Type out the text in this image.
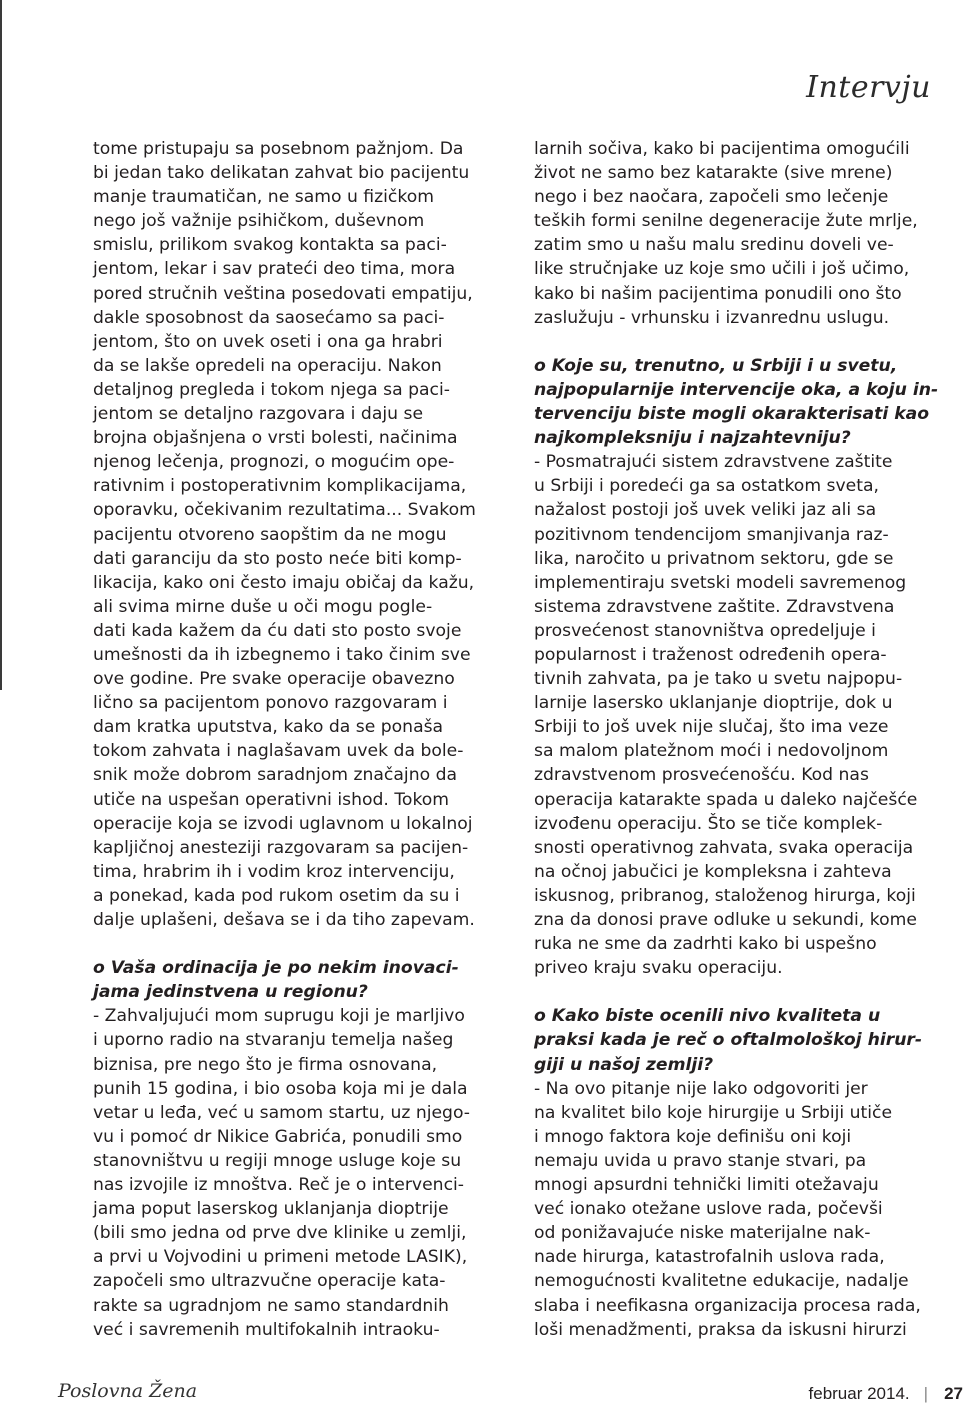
Intervju
tome pristupaju sa posebnom pažnjom. Da
bi jedan tako delikatan zahvat bio pacijentu
manje traumatičan, ne samo u fizičkom
nego još važnije psihičkom, duševnom
smislu, prilikom svakog kontakta sa paci-
jentom, lekar i sav prateći deo tima, mora
pored stručnih veština posedovati empatiju,
dakle sposobnost da saosećamo sa paci-
jentom, što on uvek oseti i ona ga hrabri
da se lakše opredeli na operaciju. Nakon
detaljnog pregleda i tokom njega sa paci-
jentom se detaljno razgovara i daju se
brojna objašnjena o vrsti bolesti, načinima
njenog lečenja, prognozi, o mogućim ope-
rativnim i postoperativnim komplikacijama,
oporavku, očekivanim rezultatima... Svakom
pacijentu otvoreno saopštim da ne mogu
dati garanciju da sto posto neće biti komp-
likacija, kako oni često imaju običaj da kažu,
ali svima mirne duše u oči mogu pogle-
dati kada kažem da ću dati sto posto svoje
umešnosti da ih izbegnemo i tako činim sve
ove godine. Pre svake operacije obavezno
lično sa pacijentom ponovo razgovaram i
dam kratka uputstva, kako da se ponaša
tokom zahvata i naglašavam uvek da bole-
snik može dobrom saradnjom značajno da
utiče na uspešan operativni ishod. Tokom
operacije koja se izvodi uglavnom u lokalnoj
kapljičnoj anesteziji razgovaram sa pacijen-
tima, hrabrim ih i vodim kroz intervenciju,
a ponekad, kada pod rukom osetim da su i
dalje uplašeni, dešava se i da tiho zapevam.
o Vaša ordinacija je po nekim inovaci-
jama jedinstvena u regionu?
- Zahvaljujući mom suprugu koji je marljivo
i uporno radio na stvaranju temelja našeg
biznisa, pre nego što je firma osnovana,
punih 15 godina, i bio osoba koja mi je dala
vetar u leđa, već u samom startu, uz njego-
vu i pomoć dr Nikice Gabrića, ponudili smo
stanovništvu u regiji mnoge usluge koje su
nas izvojile iz mnoštva. Reč je o intervenci-
jama poput laserskog uklanjanja dioptrije
(bili smo jedna od prve dve klinike u zemlji,
a prvi u Vojvodini u primeni metode LASIK),
započeli smo ultrazvučne operacije kata-
rakte sa ugradnjom ne samo standardnih
već i savremenih multifokalnih intraoku-
larnih sočiva, kako bi pacijentima omogućili
život ne samo bez katarakte (sive mrene)
nego i bez naočara, započeli smo lečenje
teških formi senilne degeneracije žute mrlje,
zatim smo u našu malu sredinu doveli ve-
like stručnjake uz koje smo učili i još učimo,
kako bi našim pacijentima ponudili ono što
zaslužuju - vrhunsku i izvanrednu uslugu.
o Koje su, trenutno, u Srbiji i u svetu,
najpopularnije intervencije oka, a koju in-
tervenciju biste mogli okarakterisati kao
najkompleksniju i najzahtevniju?
- Posmatrajući sistem zdravstvene zaštite
u Srbiji i poredeći ga sa ostatkom sveta,
nažalost postoji još uvek veliki jaz ali sa
pozitivnom tendencijom smanjivanja raz-
lika, naročito u privatnom sektoru, gde se
implementiraju svetski modeli savremenog
sistema zdravstvene zaštite. Zdravstvena
prosvećenost stanovništva opredeljuje i
popularnost i traženost određenih opera-
tivnih zahvata, pa je tako u svetu najpopu-
larnije lasersko uklanjanje dioptrije, dok u
Srbiji to još uvek nije slučaj, što ima veze
sa malom platežnom moći i nedovoljnom
zdravstvenom prosvećenošću. Kod nas
operacija katarakte spada u daleko najčešće
izvođenu operaciju. Što se tiče komplek-
snosti operativnog zahvata, svaka operacija
na očnoj jabučici je kompleksna i zahteva
iskusnog, pribranog, staloženog hirurga, koji
zna da donosi prave odluke u sekundi, kome
ruka ne sme da zadrhti kako bi uspešno
priveo kraju svaku operaciju.
o Kako biste ocenili nivo kvaliteta u
praksi kada je reč o oftalmološkoj hirur-
giji u našoj zemlji?
- Na ovo pitanje nije lako odgovoriti jer
na kvalitet bilo koje hirurgije u Srbiji utiče
i mnogo faktora koje definišu oni koji
nemaju uvida u pravo stanje stvari, pa
mnogi apsurdni tehnički limiti otežavaju
već ionako otežane uslove rada, počevši
od ponižavajuće niske materijalne nak-
nade hirurga, katastrofalnih uslova rada,
nemogućnosti kvalitetne edukacije, nadalje
slaba i neefikasna organizacija procesa rada,
loši menadžmenti, praksa da iskusni hirurzi
Poslovna Žena	februar 2014. | 27
